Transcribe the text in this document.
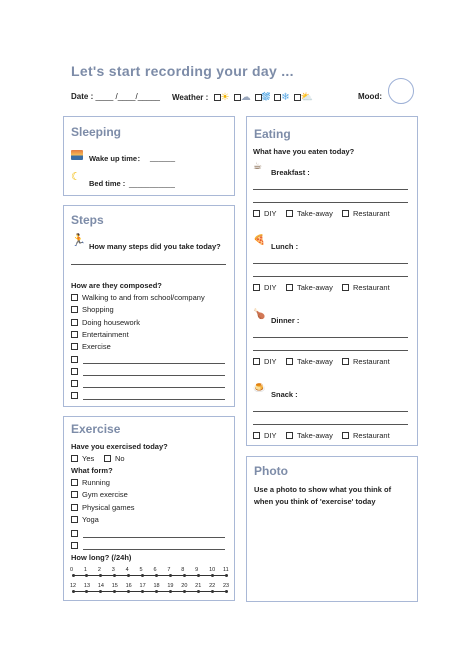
Let's start recording your day ...
Date : ____ /____/_____ Weather : ☀ ☁ ⛆ ❄ ⛅	Mood:
Sleeping
Wake up time： ______
☾
Bed time : ___________
Steps
🏃 How many steps did you take today?
How are they composed?
Walking to and from school/company
Shopping
Doing housework
Entertainment
Exercise
Exercise
Have you exercised today?
Yes	No
What form?
How long? (/24h)
Running
Gym exercise
Physical games
Yoga
0 1 2 3 4 5 6 7 8 9 10 11
12 13 14 15 16 17 18 19 20 21 22 23
Eating
What have you eaten today?
☕
Breakfast :
DIY	Take-away	Restaurant
🍕
Lunch :
DIY	Take-away	Restaurant
🍗
Dinner :
DIY	Take-away	Restaurant
🍮
Snack :
DIY	Take-away	Restaurant
Photo
Use a photo to show what you think of
when you think of 'exercise' today
